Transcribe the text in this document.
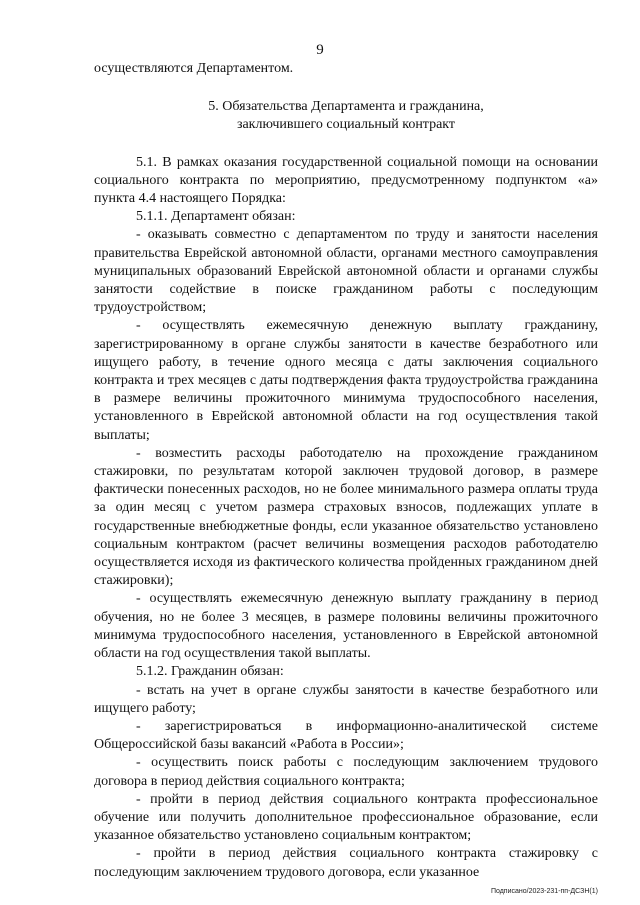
9

осуществляются Департаментом.

5. Обязательства Департамента и гражданина,
заключившего социальный контракт

5.1. В рамках оказания государственной социальной помощи на основании социального контракта по мероприятию, предусмотренному подпунктом «а» пункта 4.4 настоящего Порядка:

5.1.1. Департамент обязан:

- оказывать совместно с департаментом по труду и занятости населения правительства Еврейской автономной области, органами местного самоуправления муниципальных образований Еврейской автономной области и органами службы занятости содействие в поиске гражданином работы с последующим трудоустройством;

- осуществлять ежемесячную денежную выплату гражданину, зарегистрированному в органе службы занятости в качестве безработного или ищущего работу, в течение одного месяца с даты заключения социального контракта и трех месяцев с даты подтверждения факта трудоустройства гражданина в размере величины прожиточного минимума трудоспособного населения, установленного в Еврейской автономной области на год осуществления такой выплаты;

- возместить расходы работодателю на прохождение гражданином стажировки, по результатам которой заключен трудовой договор, в размере фактически понесенных расходов, но не более минимального размера оплаты труда за один месяц с учетом размера страховых взносов, подлежащих уплате в государственные внебюджетные фонды, если указанное обязательство установлено социальным контрактом (расчет величины возмещения расходов работодателю осуществляется исходя из фактического количества пройденных гражданином дней стажировки);

- осуществлять ежемесячную денежную выплату гражданину в период обучения, но не более 3 месяцев, в размере половины величины прожиточного минимума трудоспособного населения, установленного в Еврейской автономной области на год осуществления такой выплаты.

5.1.2. Гражданин обязан:

- встать на учет в органе службы занятости в качестве безработного или ищущего работу;

- зарегистрироваться в информационно-аналитической системе Общероссийской базы вакансий «Работа в России»;

- осуществить поиск работы с последующим заключением трудового договора в период действия социального контракта;

- пройти в период действия социального контракта профессиональное обучение или получить дополнительное профессиональное образование, если указанное обязательство установлено социальным контрактом;

- пройти в период действия социального контракта стажировку с последующим заключением трудового договора, если указанное

Подписано/2023-231-пп-ДСЗН(1)
